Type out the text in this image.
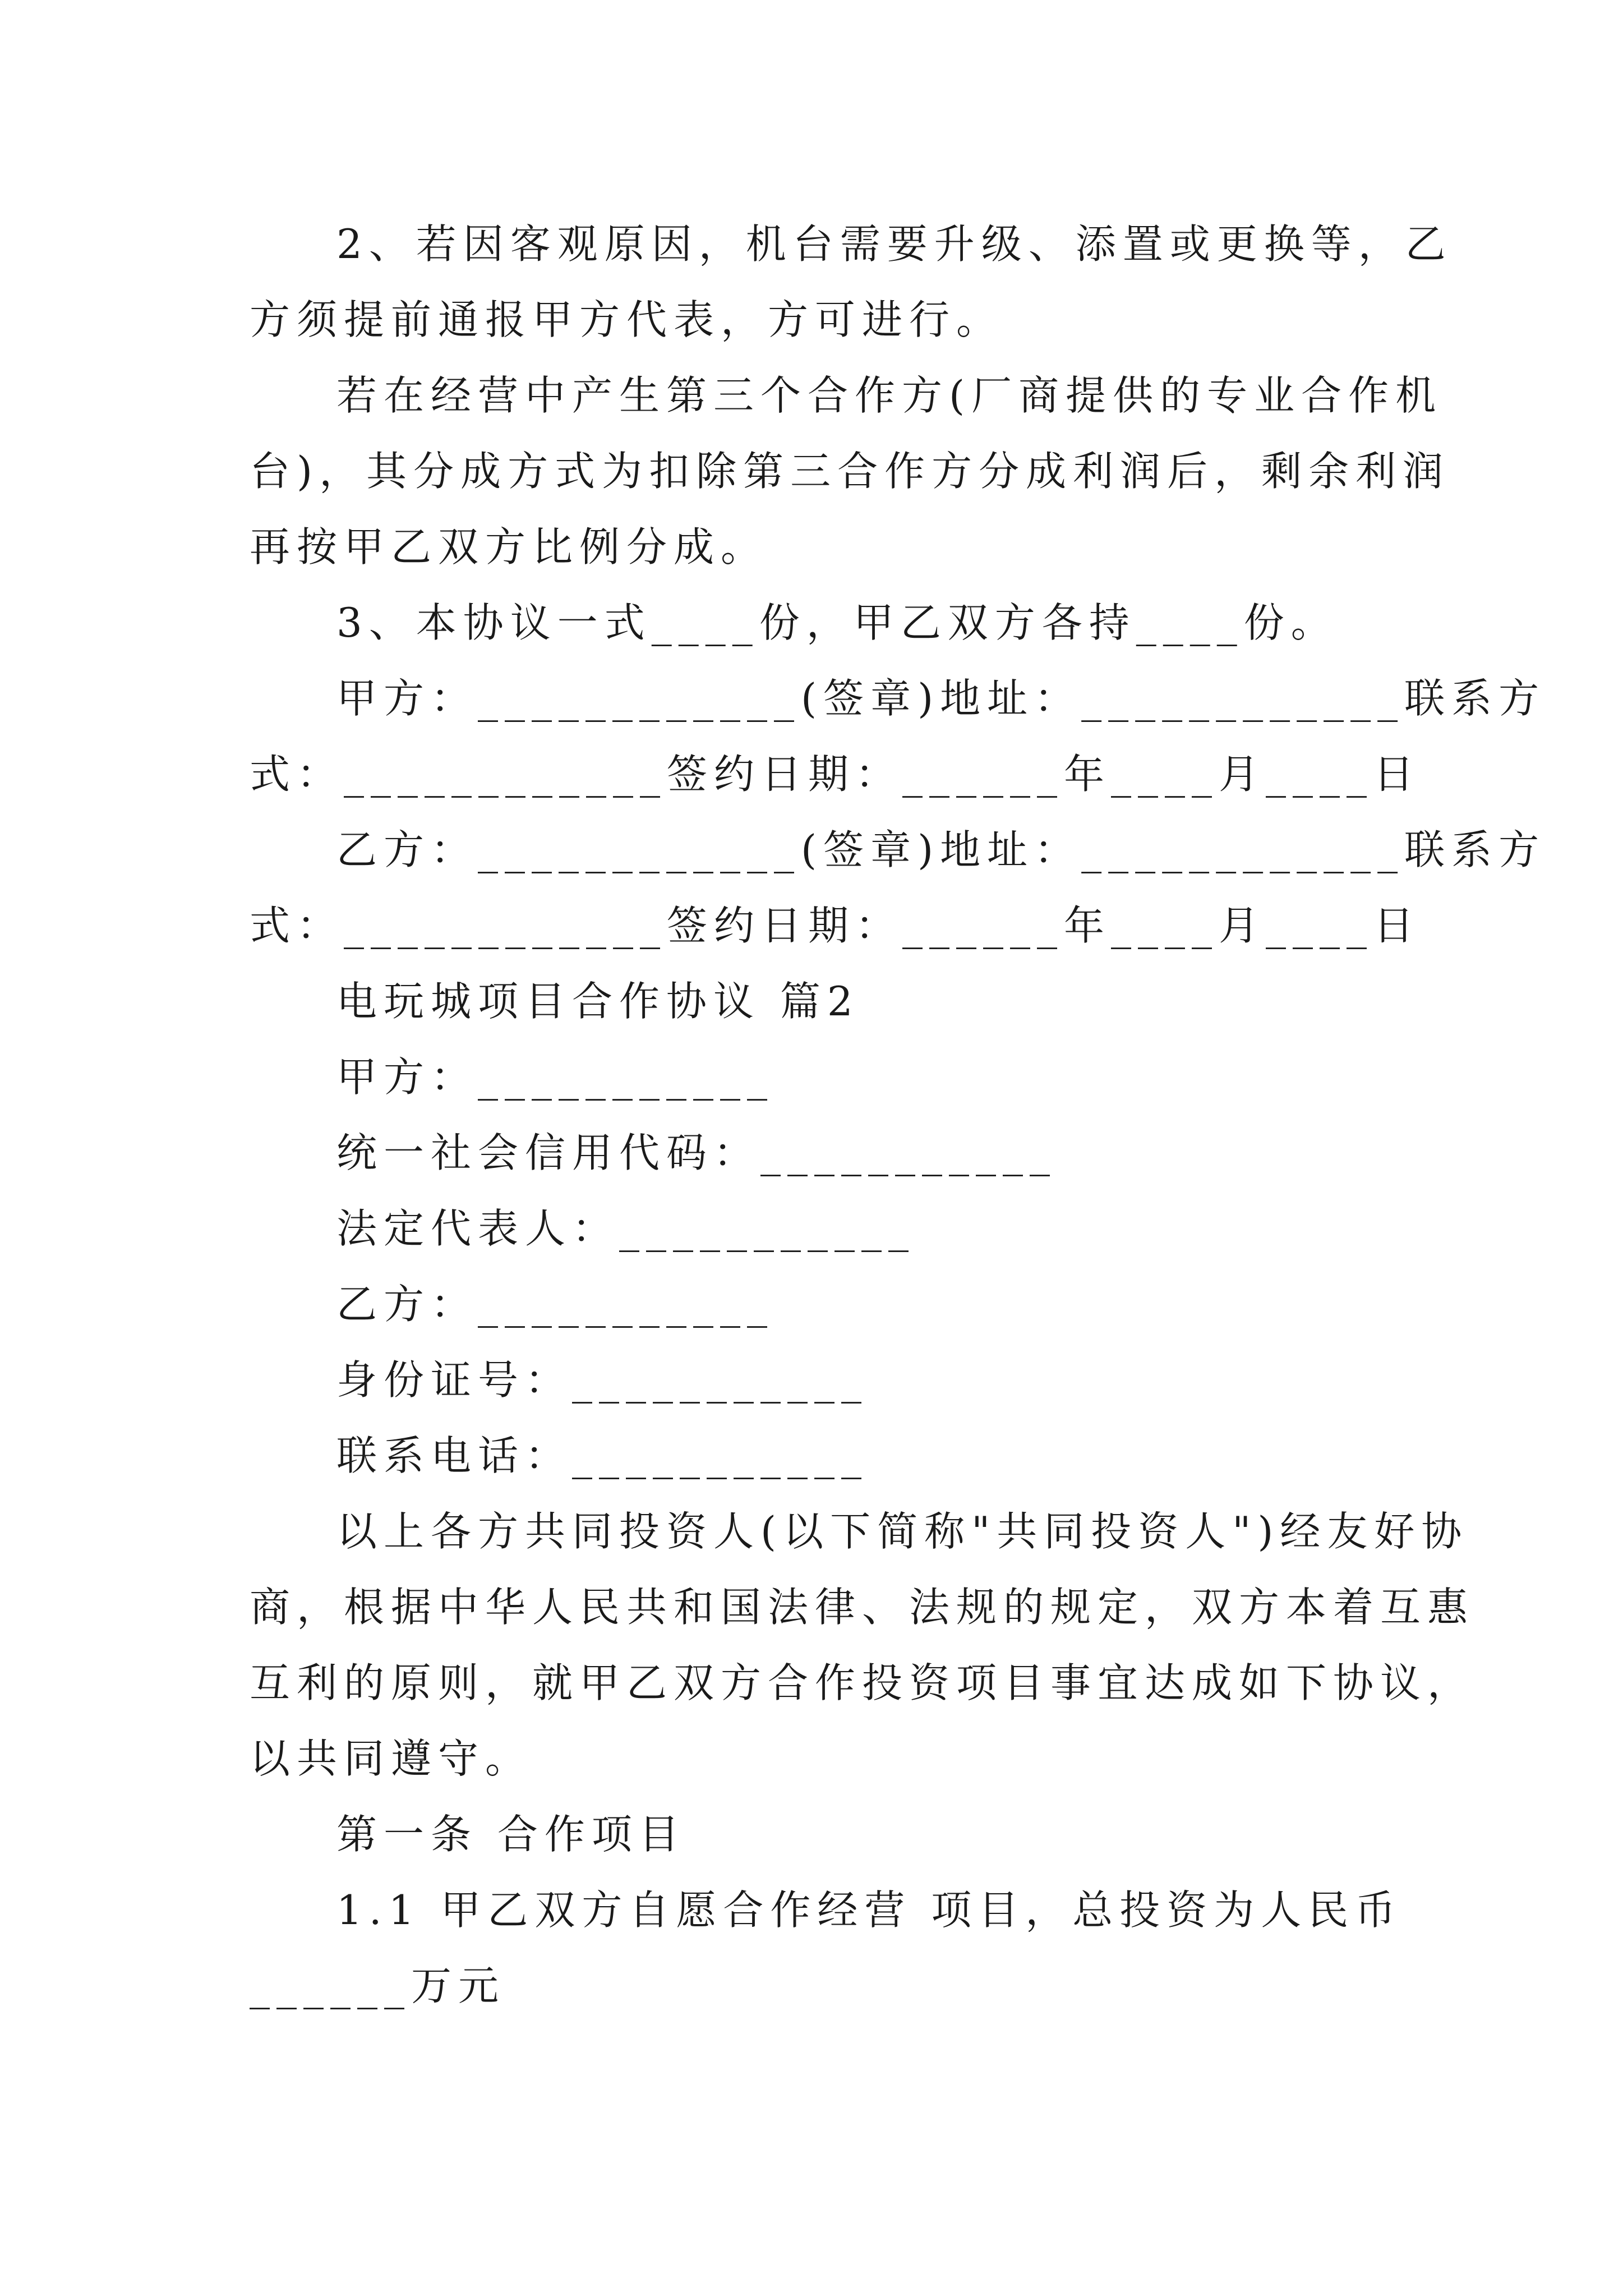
2、若因客观原因，机台需要升级、添置或更换等，乙
方须提前通报甲方代表，方可进行。
若在经营中产生第三个合作方(厂商提供的专业合作机
台)，其分成方式为扣除第三合作方分成利润后，剩余利润
再按甲乙双方比例分成。
3、本协议一式____份，甲乙双方各持____份。
甲方：____________(签章)地址：____________联系方
式：____________签约日期：______年____月____日
乙方：____________(签章)地址：____________联系方
式：____________签约日期：______年____月____日
电玩城项目合作协议 篇2
甲方：___________
统一社会信用代码：___________
法定代表人：___________
乙方：___________
身份证号：___________
联系电话：___________
以上各方共同投资人(以下简称"共同投资人")经友好协
商，根据中华人民共和国法律、法规的规定，双方本着互惠
互利的原则，就甲乙双方合作投资项目事宜达成如下协议，
以共同遵守。
第一条 合作项目
1.1 甲乙双方自愿合作经营 项目，总投资为人民币
______万元
